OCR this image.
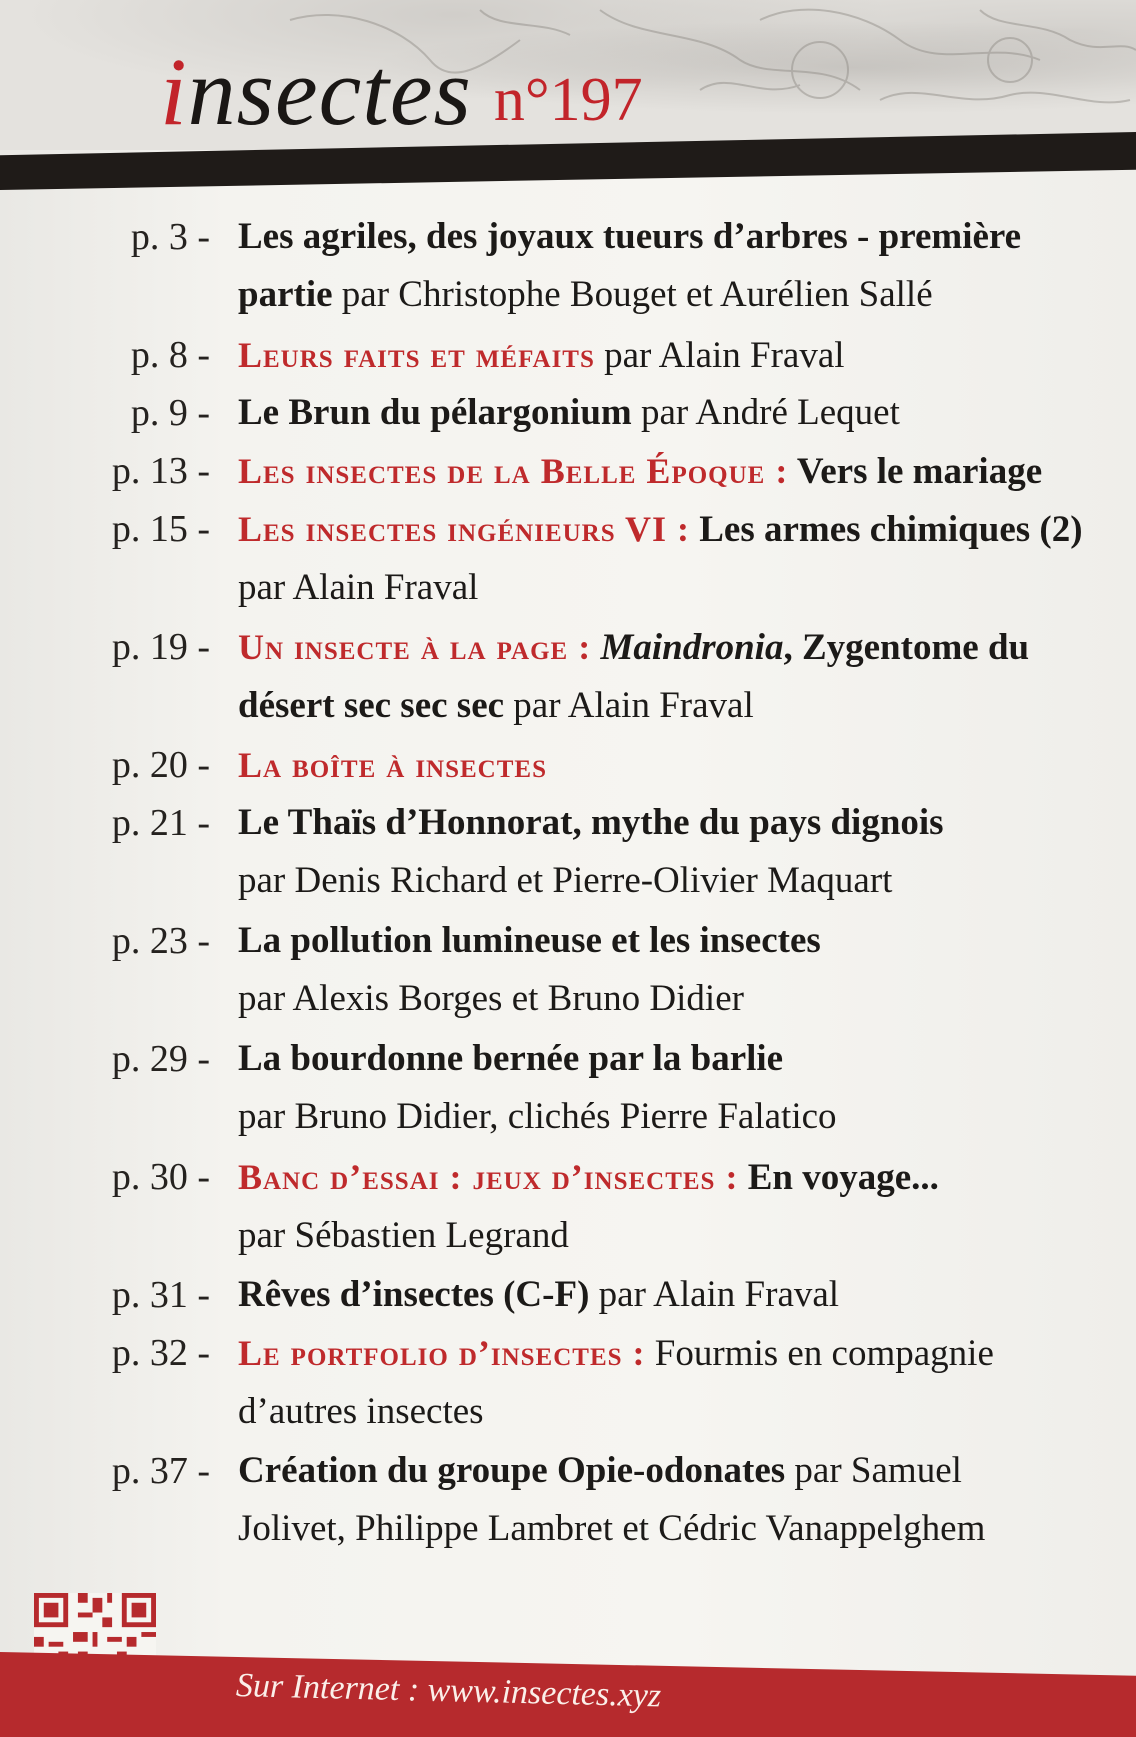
insectes n°197
p. 3 - Les agriles, des joyaux tueurs d’arbres - première
partie par Christophe Bouget et Aurélien Sallé
p. 8 - Leurs faits et méfaits par Alain Fraval
p. 9 - Le Brun du pélargonium par André Lequet
p. 13 - Les insectes de la Belle Époque : Vers le mariage
p. 15 - Les insectes ingénieurs VI : Les armes chimiques (2)
par Alain Fraval
p. 19 - Un insecte à la page : Maindronia, Zygentome du
désert sec sec sec par Alain Fraval
p. 20 - La boîte à insectes
p. 21 - Le Thaïs d’Honnorat, mythe du pays dignois
par Denis Richard et Pierre-Olivier Maquart
p. 23 - La pollution lumineuse et les insectes
par Alexis Borges et Bruno Didier
p. 29 - La bourdonne bernée par la barlie
par Bruno Didier, clichés Pierre Falatico
p. 30 - Banc d’essai : jeux d’insectes : En voyage...
par Sébastien Legrand
p. 31 - Rêves d’insectes (C-F) par Alain Fraval
p. 32 - Le portfolio d’insectes : Fourmis en compagnie
d’autres insectes
p. 37 - Création du groupe Opie-odonates par Samuel
Jolivet, Philippe Lambret et Cédric Vanappelghem
Sur Internet : www.insectes.xyz
